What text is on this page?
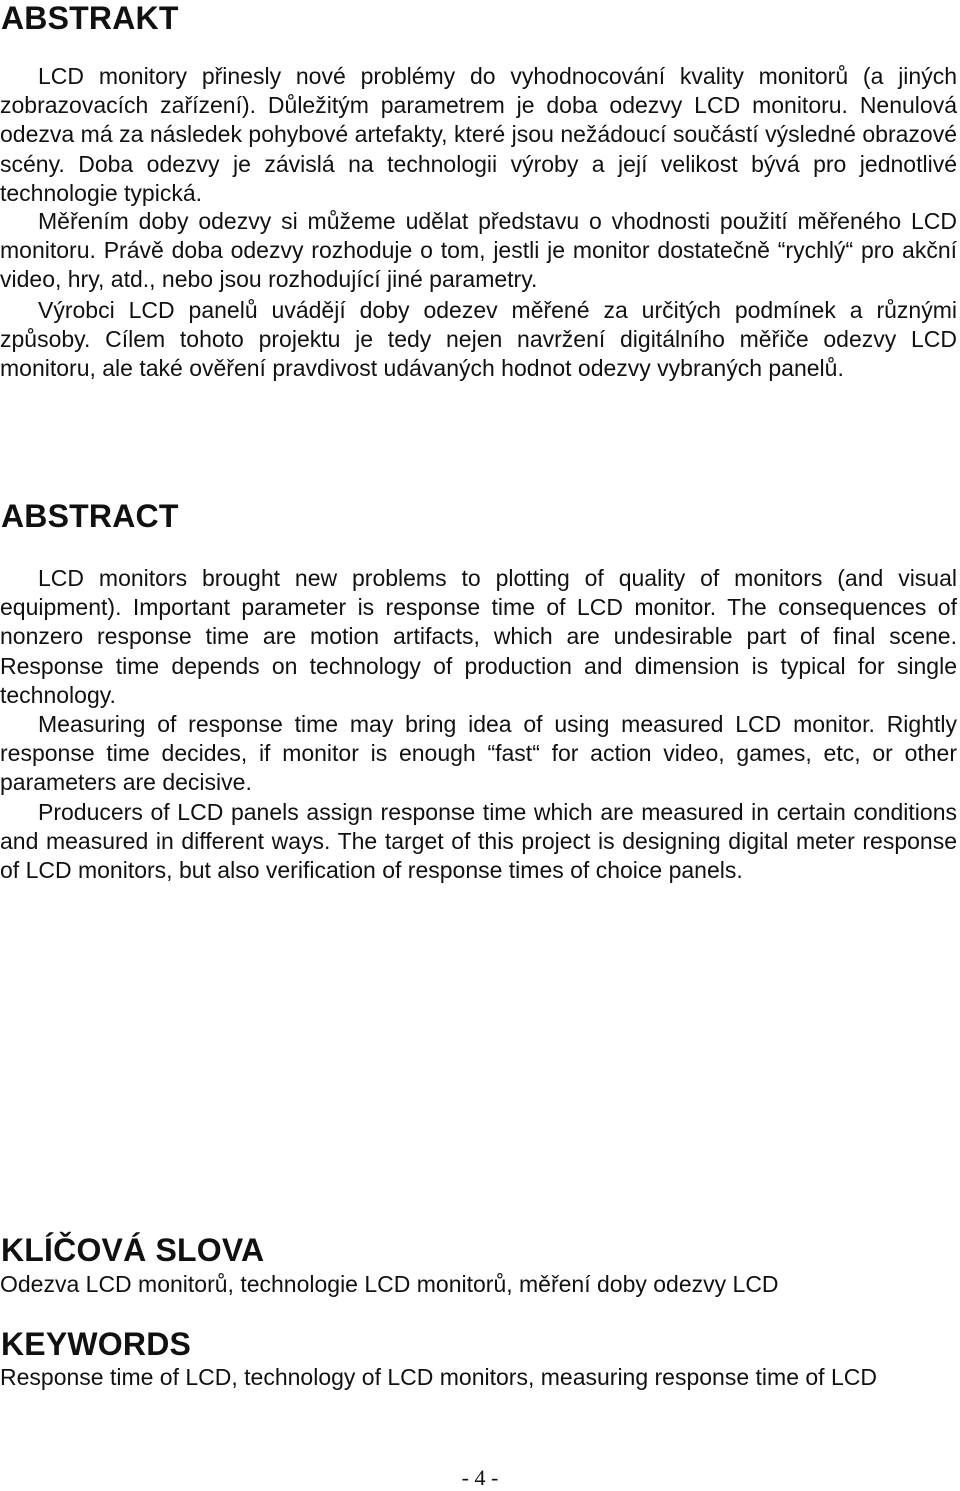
ABSTRAKT

LCD monitory přinesly nové problémy do vyhodnocování kvality monitorů (a jiných zobrazovacích zařízení). Důležitým parametrem je doba odezvy LCD monitoru. Nenulová odezva má za následek pohybové artefakty, které jsou nežádoucí součástí výsledné obrazové scény. Doba odezvy je závislá na technologii výroby a její velikost bývá pro jednotlivé technologie typická.

Měřením doby odezvy si můžeme udělat představu o vhodnosti použití měřeného LCD monitoru. Právě doba odezvy rozhoduje o tom, jestli je monitor dostatečně “rychlý“ pro akční video, hry, atd., nebo jsou rozhodující jiné parametry.

Výrobci LCD panelů uvádějí doby odezev měřené za určitých podmínek a různými způsoby. Cílem tohoto projektu je tedy nejen navržení digitálního měřiče odezvy LCD monitoru, ale také ověření pravdivost udávaných hodnot odezvy vybraných panelů.

ABSTRACT

LCD monitors brought new problems to plotting of quality of monitors (and visual equipment). Important parameter is response time of LCD monitor. The consequences of nonzero response time are motion artifacts, which are undesirable part of final scene. Response time depends on technology of production and dimension is typical for single technology.

Measuring of response time may bring idea of using measured LCD monitor. Rightly response time decides, if monitor is enough “fast“ for action video, games, etc, or other parameters are decisive.

Producers of LCD panels assign response time which are measured in certain conditions and measured in different ways. The target of this project is designing digital meter response of LCD monitors, but also verification of response times of choice panels.

KLÍČOVÁ SLOVA

Odezva LCD monitorů, technologie LCD monitorů, měření doby odezvy LCD

KEYWORDS

Response time of LCD, technology of LCD monitors, measuring response time of LCD

- 4 -
